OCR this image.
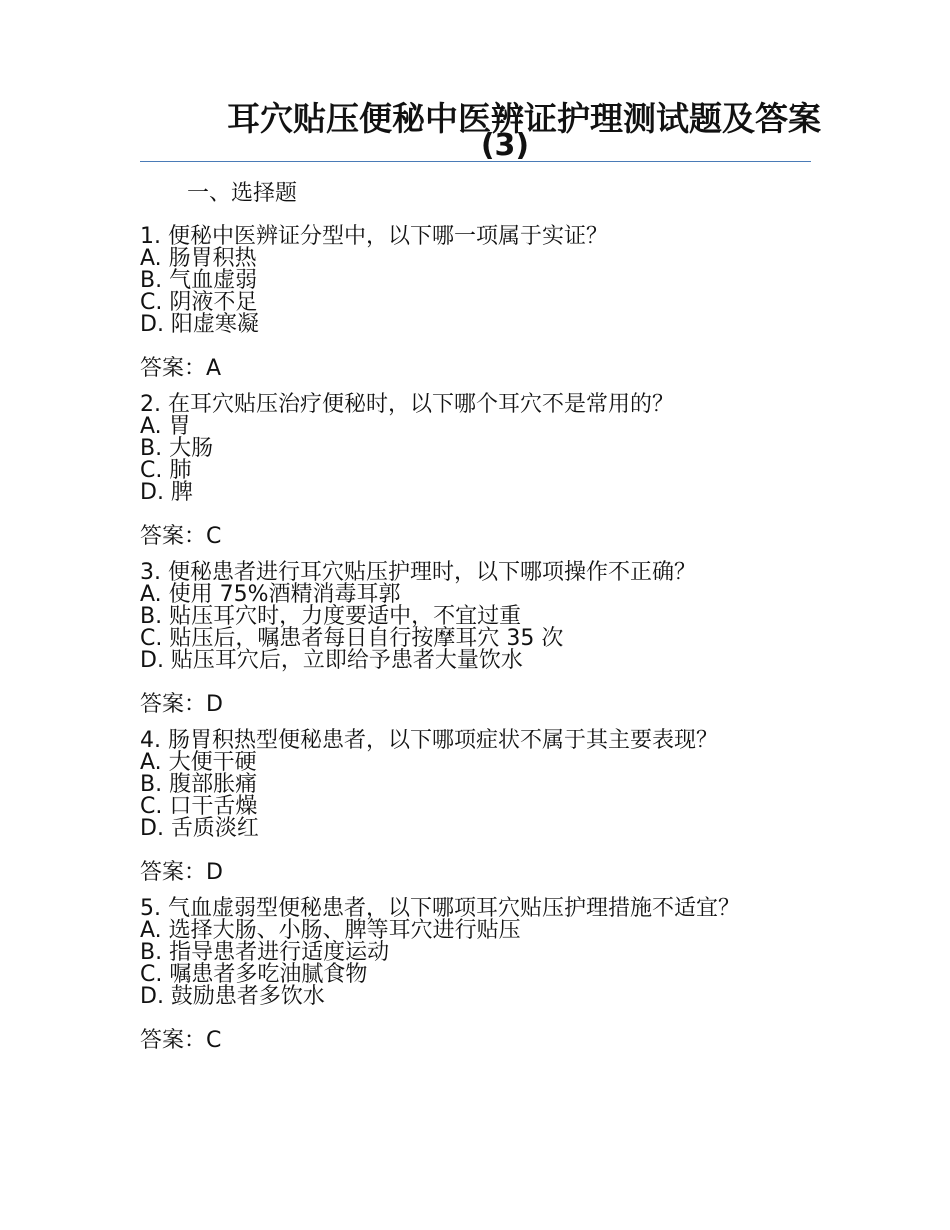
耳穴贴压便秘中医辨证护理测试题及答案
(3)
一、选择题
1. 便秘中医辨证分型中，以下哪一项属于实证？
A. 肠胃积热
B. 气血虚弱
C. 阴液不足
D. 阳虚寒凝
答案：A
2. 在耳穴贴压治疗便秘时，以下哪个耳穴不是常用的？
A. 胃
B. 大肠
C. 肺
D. 脾
答案：C
3. 便秘患者进行耳穴贴压护理时，以下哪项操作不正确？
A. 使用 75%酒精消毒耳郭
B. 贴压耳穴时，力度要适中，不宜过重
C. 贴压后，嘱患者每日自行按摩耳穴 35 次
D. 贴压耳穴后，立即给予患者大量饮水
答案：D
4. 肠胃积热型便秘患者，以下哪项症状不属于其主要表现？
A. 大便干硬
B. 腹部胀痛
C. 口干舌燥
D. 舌质淡红
答案：D
5. 气血虚弱型便秘患者，以下哪项耳穴贴压护理措施不适宜？
A. 选择大肠、小肠、脾等耳穴进行贴压
B. 指导患者进行适度运动
C. 嘱患者多吃油腻食物
D. 鼓励患者多饮水
答案：C
